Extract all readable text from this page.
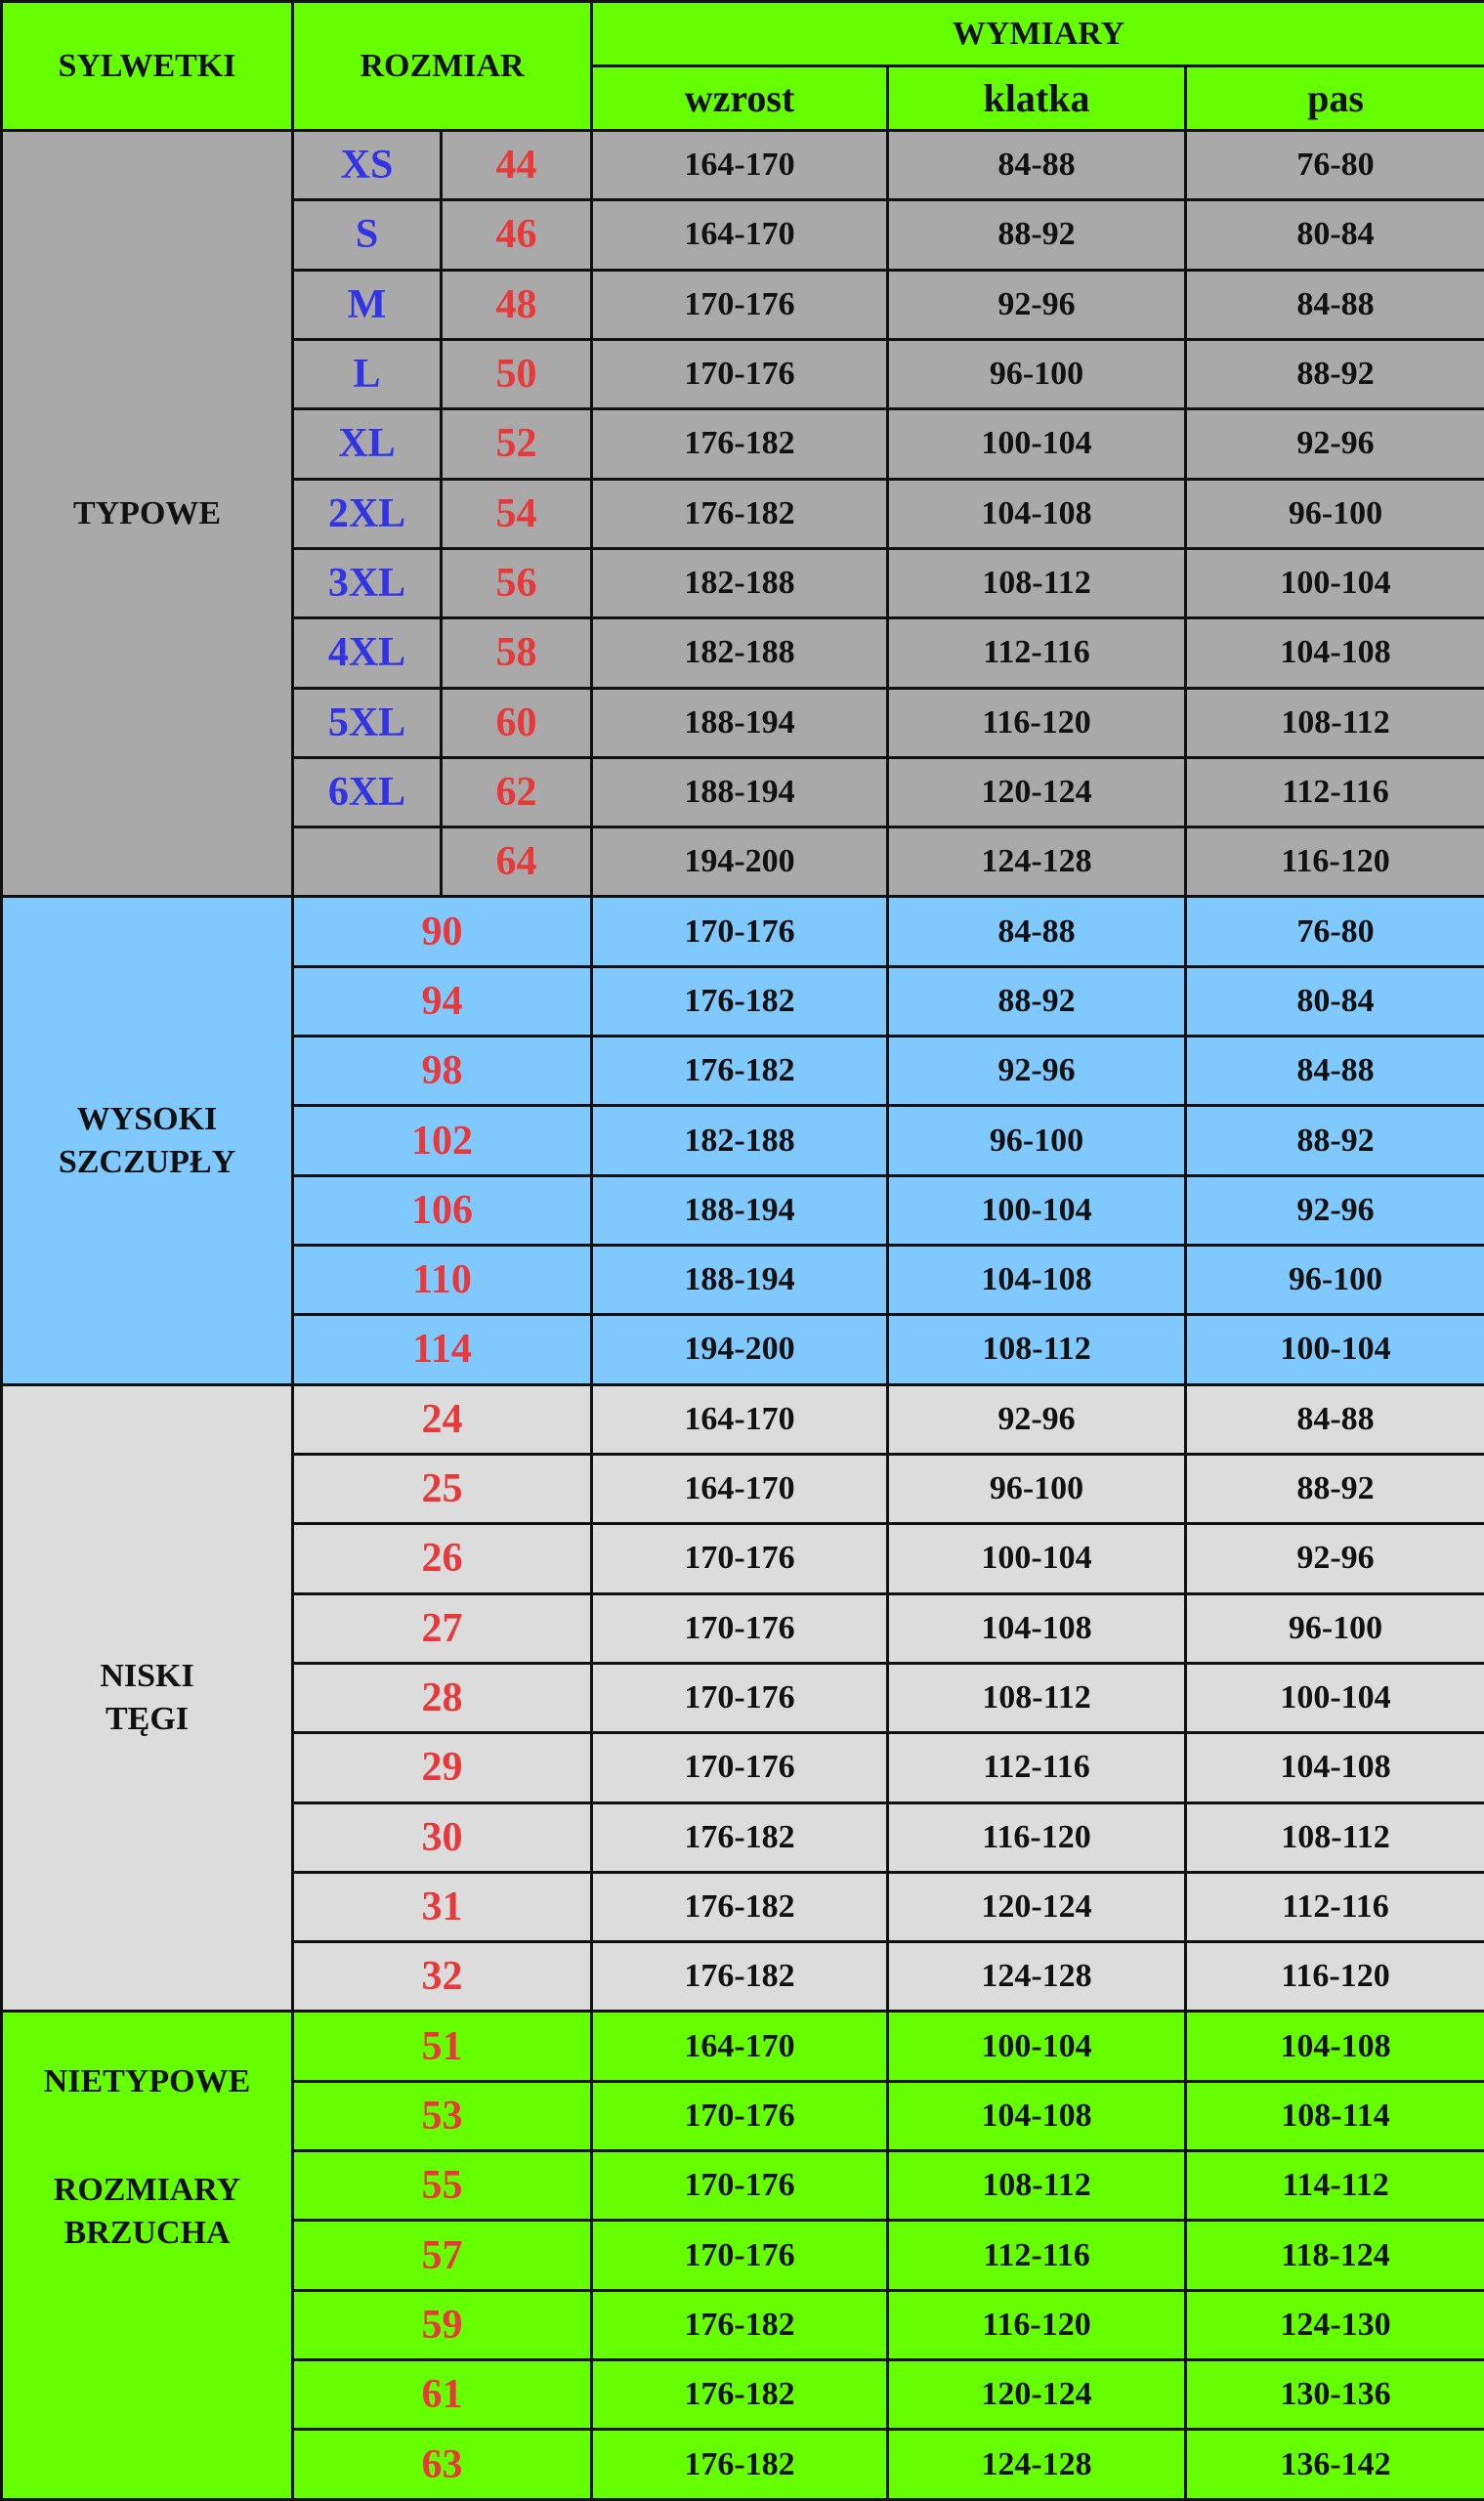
SYLWETKI	ROZMIAR		WYMIARY		
			wzrost	klatka	pas

TYPOWE	XS	44	164-170	84-88	76-80
	S	46	164-170	88-92	80-84
	M	48	170-176	92-96	84-88
	L	50	170-176	96-100	88-92
	XL	52	176-182	100-104	92-96
	2XL	54	176-182	104-108	96-100
	3XL	56	182-188	108-112	100-104
	4XL	58	182-188	112-116	104-108
	5XL	60	188-194	116-120	108-112
	6XL	62	188-194	120-124	112-116
		64	194-200	124-128	116-120

WYSOKI
SZCZUPŁY	90		170-176	84-88	76-80
	94		176-182	88-92	80-84
	98		176-182	92-96	84-88
	102		182-188	96-100	88-92
	106		188-194	100-104	92-96
	110		188-194	104-108	96-100
	114		194-200	108-112	100-104

NISKI
TĘGI	24		164-170	92-96	84-88
	25		164-170	96-100	88-92
	26		170-176	100-104	92-96
	27		170-176	104-108	96-100
	28		170-176	108-112	100-104
	29		170-176	112-116	104-108
	30		176-182	116-120	108-112
	31		176-182	120-124	112-116
	32		176-182	124-128	116-120

NIETYPOWE	51		164-170	100-104	104-108
	53		170-176	104-108	108-114

ROZMIARY
BRZUCHA	55		170-176	108-112	114-112
	57		170-176	112-116	118-124
	59		176-182	116-120	124-130
	61		176-182	120-124	130-136
	63		176-182	124-128	136-142
